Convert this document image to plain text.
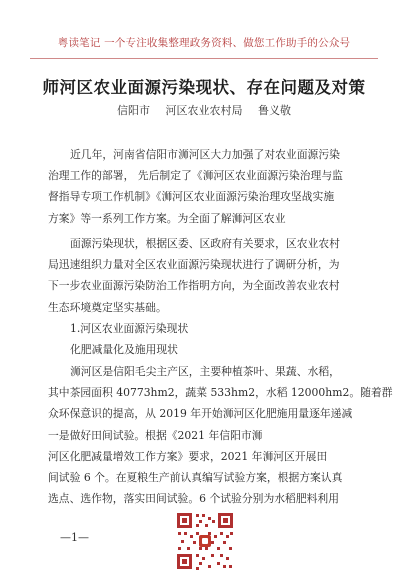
粤读笔记 一个专注收集整理政务资料、做您工作助手的公众号
师河区农业面源污染现状、存在问题及对策
信阳市 河区农业农村局 鲁义敬
近几年，河南省信阳市浉河区大力加强了对农业面源污染
治理工作的部署， 先后制定了《浉河区农业面源污染治理与监
督指导专项工作机制》《浉河区农业面源污染治理攻坚战实施
方案》等一系列工作方案。为全面了解浉河区农业
面源污染现状，根据区委、区政府有关要求，区农业农村
局迅速组织力量对全区农业面源污染现状进行了调研分析，为
下一步农业面源污染防治工作指明方向，为全面改善农业农村
生态环境奠定坚实基础。
1.河区农业面源污染现状
化肥减量化及施用现状
浉河区是信阳毛尖主产区，主要种植茶叶、果蔬、水稻，
其中茶园面积 40773hm2，蔬菜 533hm2，水稻 12000hm2。随着群
众环保意识的提高，从 2019 年开始浉河区化肥施用量逐年递减
一是做好田间试验。根据《2021 年信阳市浉
河区化肥减量增效工作方案》要求，2021 年浉河区开展田
间试验 6 个。在夏粮生产前认真编写试验方案，根据方案认真
选点、选作物，落实田间试验。6 个试验分别为水稻肥料利用
—1—
